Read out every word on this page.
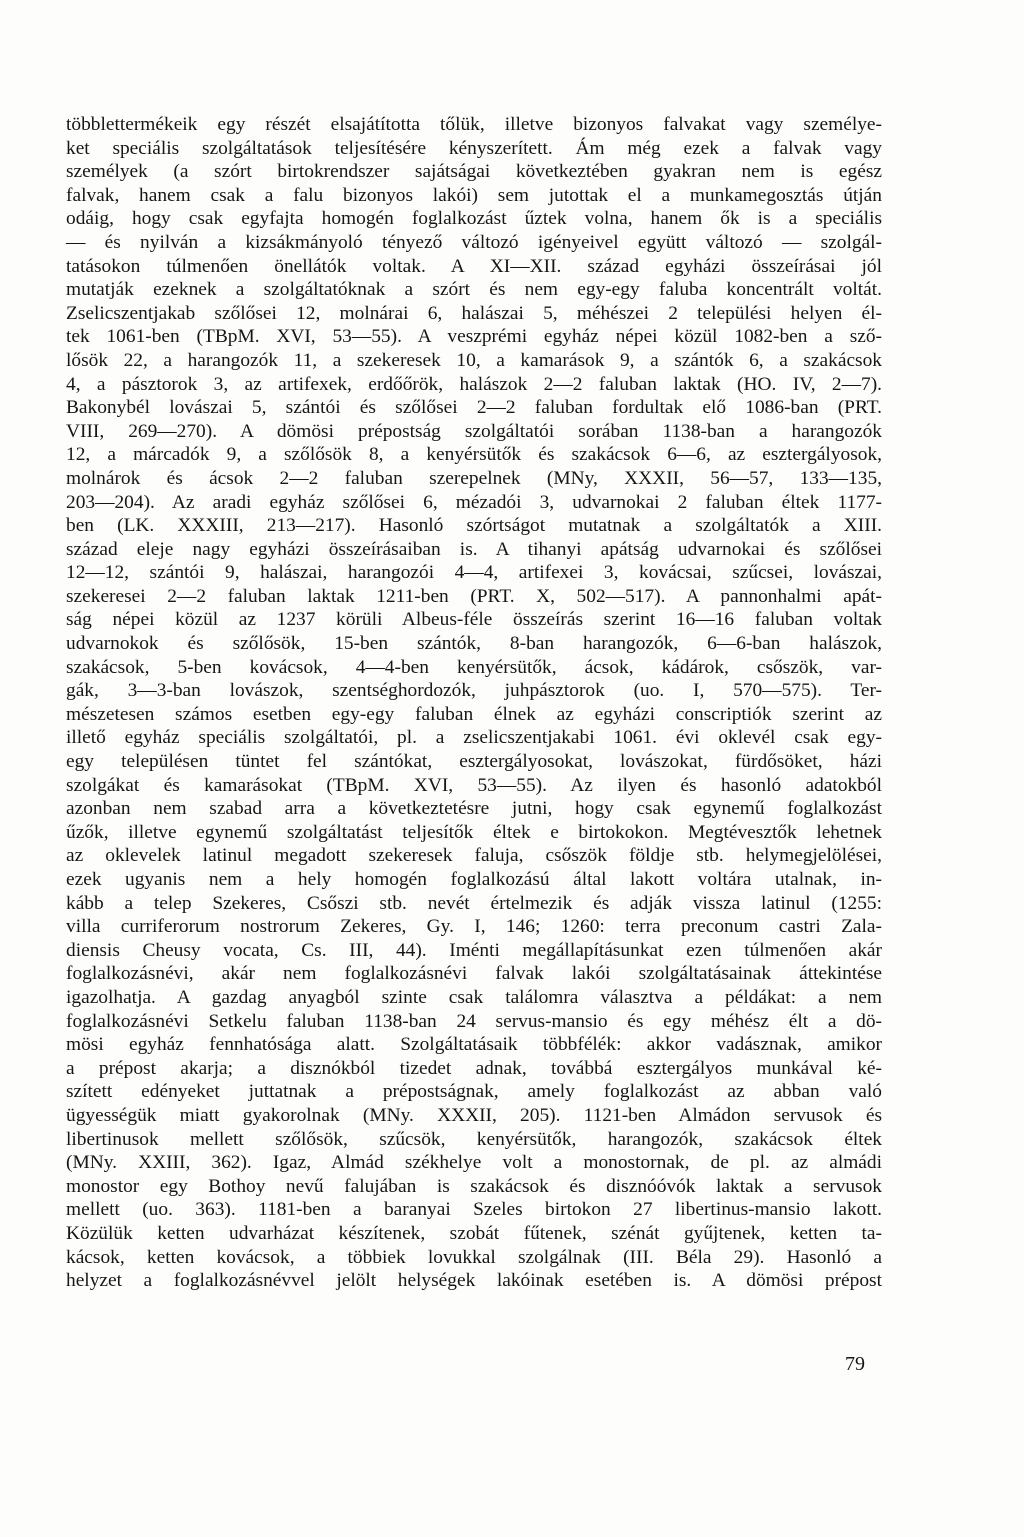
többlettermékeik egy részét elsajátította tőlük, illetve bizonyos falvakat vagy személye-
ket speciális szolgáltatások teljesítésére kényszerített. Ám még ezek a falvak vagy
személyek (a szórt birtokrendszer sajátságai következtében gyakran nem is egész
falvak, hanem csak a falu bizonyos lakói) sem jutottak el a munkamegosztás útján
odáig, hogy csak egyfajta homogén foglalkozást űztek volna, hanem ők is a speciális
— és nyilván a kizsákmányoló tényező változó igényeivel együtt változó — szolgál-
tatásokon túlmenően önellátók voltak. A XI—XII. század egyházi összeírásai jól
mutatják ezeknek a szolgáltatóknak a szórt és nem egy-egy faluba koncentrált voltát.
Zselicszentjakab szőlősei 12, molnárai 6, halászai 5, méhészei 2 települési helyen él-
tek 1061-ben (TBpM. XVI, 53—55). A veszprémi egyház népei közül 1082-ben a sző-
lősök 22, a harangozók 11, a szekeresek 10, a kamarások 9, a szántók 6, a szakácsok
4, a pásztorok 3, az artifexek, erdőőrök, halászok 2—2 faluban laktak (HO. IV, 2—7).
Bakonybél lovászai 5, szántói és szőlősei 2—2 faluban fordultak elő 1086-ban (PRT.
VIII, 269—270). A dömösi prépostság szolgáltatói sorában 1138-ban a harangozók
12, a márcadók 9, a szőlősök 8, a kenyérsütők és szakácsok 6—6, az esztergályosok,
molnárok és ácsok 2—2 faluban szerepelnek (MNy, XXXII, 56—57, 133—135,
203—204). Az aradi egyház szőlősei 6, mézadói 3, udvarnokai 2 faluban éltek 1177-
ben (LK. XXXIII, 213—217). Hasonló szórtságot mutatnak a szolgáltatók a XIII.
század eleje nagy egyházi összeírásaiban is. A tihanyi apátság udvarnokai és szőlősei
12—12, szántói 9, halászai, harangozói 4—4, artifexei 3, kovácsai, szűcsei, lovászai,
szekeresei 2—2 faluban laktak 1211-ben (PRT. X, 502—517). A pannonhalmi apát-
ság népei közül az 1237 körüli Albeus-féle összeírás szerint 16—16 faluban voltak
udvarnokok és szőlősök, 15-ben szántók, 8-ban harangozók, 6—6-ban halászok,
szakácsok, 5-ben kovácsok, 4—4-ben kenyérsütők, ácsok, kádárok, csőszök, var-
gák, 3—3-ban lovászok, szentséghordozók, juhpásztorok (uo. I, 570—575). Ter-
mészetesen számos esetben egy-egy faluban élnek az egyházi conscriptiók szerint az
illető egyház speciális szolgáltatói, pl. a zselicszentjakabi 1061. évi oklevél csak egy-
egy településen tüntet fel szántókat, esztergályosokat, lovászokat, fürdősöket, házi
szolgákat és kamarásokat (TBpM. XVI, 53—55). Az ilyen és hasonló adatokból
azonban nem szabad arra a következtetésre jutni, hogy csak egynemű foglalkozást
űzők, illetve egynemű szolgáltatást teljesítők éltek e birtokokon. Megtévesztők lehetnek
az oklevelek latinul megadott szekeresek faluja, csőszök földje stb. helymegjelölései,
ezek ugyanis nem a hely homogén foglalkozású által lakott voltára utalnak, in-
kább a telep Szekeres, Csőszi stb. nevét értelmezik és adják vissza latinul (1255:
villa curriferorum nostrorum Zekeres, Gy. I, 146; 1260: terra preconum castri Zala-
diensis Cheusy vocata, Cs. III, 44). Iménti megállapításunkat ezen túlmenően akár
foglalkozásnévi, akár nem foglalkozásnévi falvak lakói szolgáltatásainak áttekintése
igazolhatja. A gazdag anyagból szinte csak találomra választva a példákat: a nem
foglalkozásnévi Setkelu faluban 1138-ban 24 servus-mansio és egy méhész élt a dö-
mösi egyház fennhatósága alatt. Szolgáltatásaik többfélék: akkor vadásznak, amikor
a prépost akarja; a disznókból tizedet adnak, továbbá esztergályos munkával ké-
szített edényeket juttatnak a prépostságnak, amely foglalkozást az abban való
ügyességük miatt gyakorolnak (MNy. XXXII, 205). 1121-ben Almádon servusok és
libertinusok mellett szőlősök, szűcsök, kenyérsütők, harangozók, szakácsok éltek
(MNy. XXIII, 362). Igaz, Almád székhelye volt a monostornak, de pl. az almádi
monostor egy Bothoy nevű falujában is szakácsok és disznóóvók laktak a servusok
mellett (uo. 363). 1181-ben a baranyai Szeles birtokon 27 libertinus-mansio lakott.
Közülük ketten udvarházat készítenek, szobát fűtenek, szénát gyűjtenek, ketten ta-
kácsok, ketten kovácsok, a többiek lovukkal szolgálnak (III. Béla 29). Hasonló a
helyzet a foglalkozásnévvel jelölt helységek lakóinak esetében is. A dömösi prépost
79
